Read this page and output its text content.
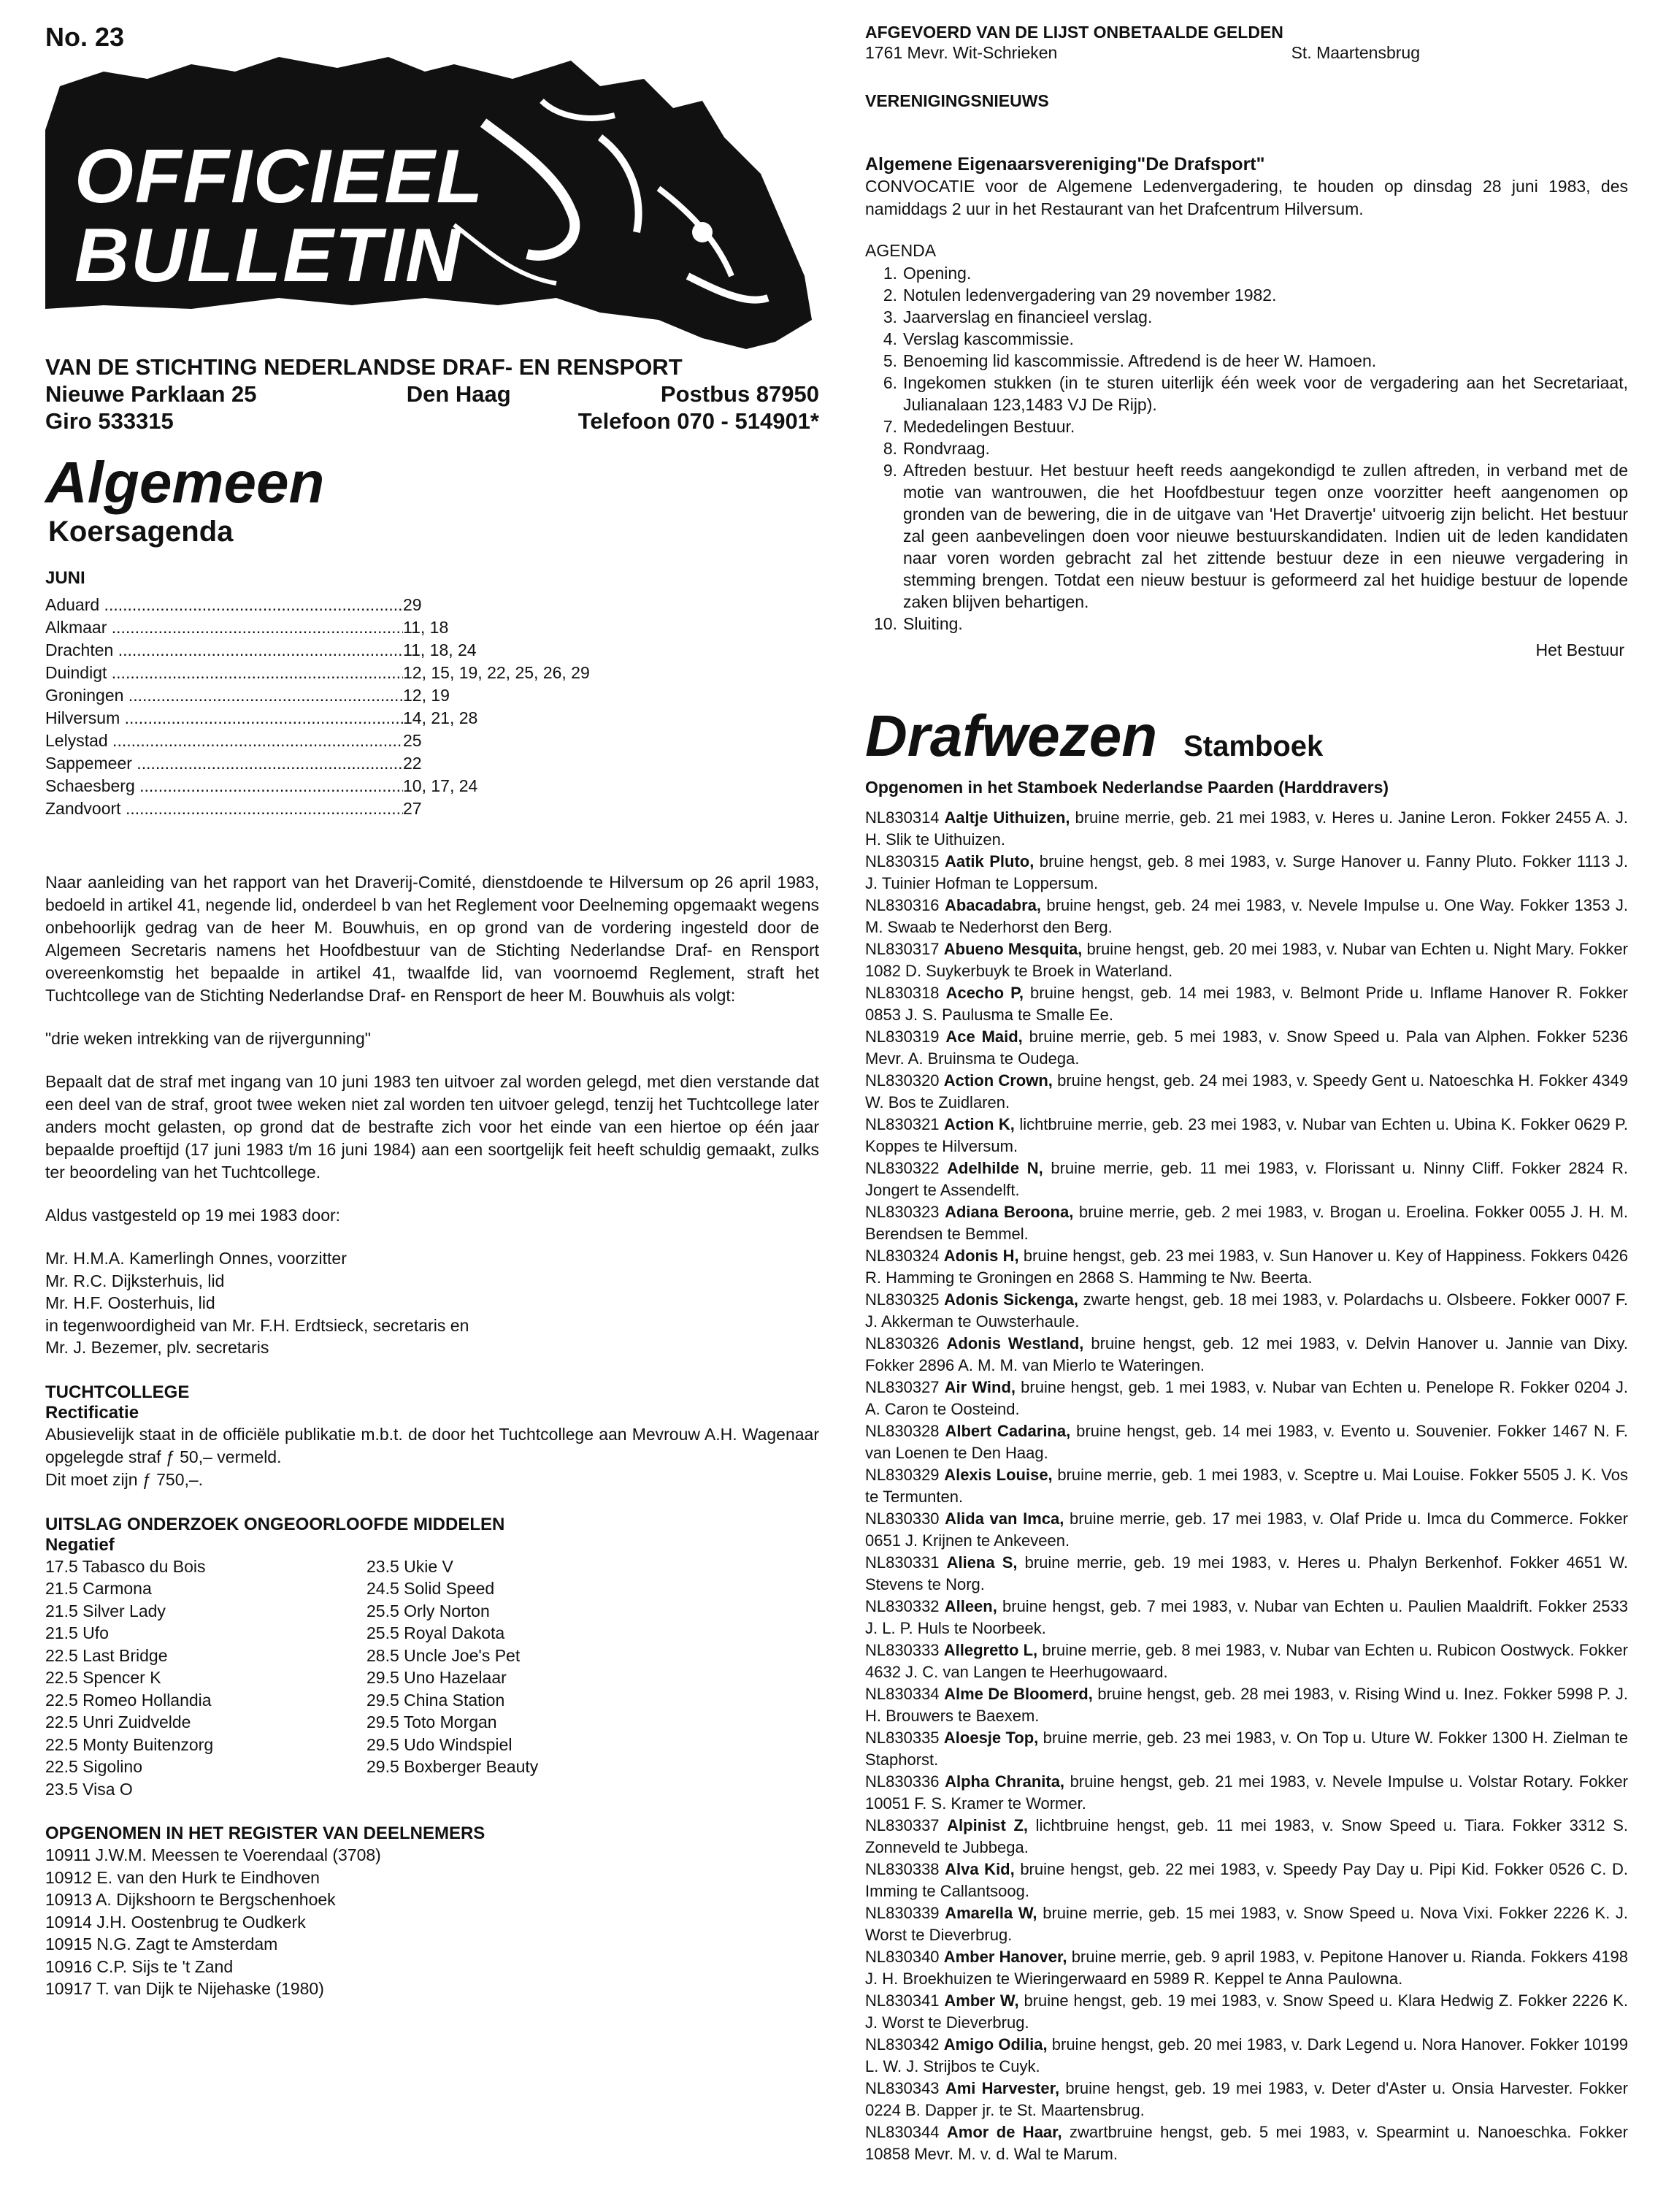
No. 23
OFFICIEEL
BULLETIN
VAN DE STICHTING NEDERLANDSE DRAF- EN RENSPORT
Nieuwe Parklaan 25	Den Haag	Postbus 87950
Giro 533315	Telefoon 070 - 514901*
Algemeen
Koersagenda
JUNI
Aduard .....	29
Alkmaar .....	11, 18
Drachten .....	11, 18, 24
Duindigt .....	12, 15, 19, 22, 25, 26, 29
Groningen .....	12, 19
Hilversum .....	14, 21, 28
Lelystad .....	25
Sappemeer .....	22
Schaesberg .....	10, 17, 24
Zandvoort .....	27
Naar aanleiding van het rapport van het Draverij-Comité, dienstdoende te Hilversum op 26 april 1983, bedoeld in artikel 41, negende lid, onderdeel b van het Reglement voor Deelneming opgemaakt wegens onbehoorlijk gedrag van de heer M. Bouwhuis, en op grond van de vordering ingesteld door de Algemeen Secretaris namens het Hoofdbestuur van de Stichting Nederlandse Draf- en Rensport overeenkomstig het bepaalde in artikel 41, twaalfde lid, van voornoemd Reglement, straft het Tuchtcollege van de Stichting Nederlandse Draf- en Rensport de heer M. Bouwhuis als volgt:
"drie weken intrekking van de rijvergunning"
Bepaalt dat de straf met ingang van 10 juni 1983 ten uitvoer zal worden gelegd, met dien verstande dat een deel van de straf, groot twee weken niet zal worden ten uitvoer gelegd, tenzij het Tuchtcollege later anders mocht gelasten, op grond dat de bestrafte zich voor het einde van een hiertoe op één jaar bepaalde proeftijd (17 juni 1983 t/m 16 juni 1984) aan een soortgelijk feit heeft schuldig gemaakt, zulks ter beoordeling van het Tuchtcollege.
Aldus vastgesteld op 19 mei 1983 door:
Mr. H.M.A. Kamerlingh Onnes, voorzitter
Mr. R.C. Dijksterhuis, lid
Mr. H.F. Oosterhuis, lid
in tegenwoordigheid van Mr. F.H. Erdtsieck, secretaris en
Mr. J. Bezemer, plv. secretaris
TUCHTCOLLEGE
Rectificatie
Abusievelijk staat in de officiële publikatie m.b.t. de door het Tuchtcollege aan Mevrouw A.H. Wagenaar opgelegde straf ƒ 50,– vermeld.
Dit moet zijn ƒ 750,–.
UITSLAG ONDERZOEK ONGEOORLOOFDE MIDDELEN
Negatief
17.5 Tabasco du Bois
21.5 Carmona
21.5 Silver Lady
21.5 Ufo
22.5 Last Bridge
22.5 Spencer K
22.5 Romeo Hollandia
22.5 Unri Zuidvelde
22.5 Monty Buitenzorg
22.5 Sigolino
23.5 Visa O
23.5 Ukie V
24.5 Solid Speed
25.5 Orly Norton
25.5 Royal Dakota
28.5 Uncle Joe's Pet
29.5 Uno Hazelaar
29.5 China Station
29.5 Toto Morgan
29.5 Udo Windspiel
29.5 Boxberger Beauty
OPGENOMEN IN HET REGISTER VAN DEELNEMERS
10911 J.W.M. Meessen te Voerendaal (3708)
10912 E. van den Hurk te Eindhoven
10913 A. Dijkshoorn te Bergschenhoek
10914 J.H. Oostenbrug te Oudkerk
10915 N.G. Zagt te Amsterdam
10916 C.P. Sijs te 't Zand
10917 T. van Dijk te Nijehaske (1980)
AFGEVOERD VAN DE LIJST ONBETAALDE GELDEN
1761 Mevr. Wit-Schrieken	St. Maartensbrug
VERENIGINGSNIEUWS
Algemene Eigenaarsvereniging"De Drafsport"
CONVOCATIE voor de Algemene Ledenvergadering, te houden op dinsdag 28 juni 1983, des namiddags 2 uur in het Restaurant van het Drafcentrum Hilversum.
AGENDA
1. Opening.
2. Notulen ledenvergadering van 29 november 1982.
3. Jaarverslag en financieel verslag.
4. Verslag kascommissie.
5. Benoeming lid kascommissie. Aftredend is de heer W. Hamoen.
6. Ingekomen stukken (in te sturen uiterlijk één week voor de vergadering aan het Secretariaat, Julianalaan 123,1483 VJ De Rijp).
7. Mededelingen Bestuur.
8. Rondvraag.
9. Aftreden bestuur. Het bestuur heeft reeds aangekondigd te zullen aftreden, in verband met de motie van wantrouwen, die het Hoofdbestuur tegen onze voorzitter heeft aangenomen op gronden van de bewering, die in de uitgave van 'Het Dravertje' uitvoerig zijn belicht. Het bestuur zal geen aanbevelingen doen voor nieuwe bestuurskandidaten. Indien uit de leden kandidaten naar voren worden gebracht zal het zittende bestuur deze in een nieuwe vergadering in stemming brengen. Totdat een nieuw bestuur is geformeerd zal het huidige bestuur de lopende zaken blijven behartigen.
10. Sluiting.
Het Bestuur
Drafwezen Stamboek
Opgenomen in het Stamboek Nederlandse Paarden (Harddravers)
NL830314 Aaltje Uithuizen, bruine merrie, geb. 21 mei 1983, v. Heres u. Janine Leron. Fokker 2455 A. J. H. Slik te Uithuizen.
NL830315 Aatik Pluto, bruine hengst, geb. 8 mei 1983, v. Surge Hanover u. Fanny Pluto. Fokker 1113 J. J. Tuinier Hofman te Loppersum.
NL830316 Abacadabra, bruine hengst, geb. 24 mei 1983, v. Nevele Impulse u. One Way. Fokker 1353 J. M. Swaab te Nederhorst den Berg.
NL830317 Abueno Mesquita, bruine hengst, geb. 20 mei 1983, v. Nubar van Echten u. Night Mary. Fokker 1082 D. Suykerbuyk te Broek in Waterland.
NL830318 Acecho P, bruine hengst, geb. 14 mei 1983, v. Belmont Pride u. Inflame Hanover R. Fokker 0853 J. S. Paulusma te Smalle Ee.
NL830319 Ace Maid, bruine merrie, geb. 5 mei 1983, v. Snow Speed u. Pala van Alphen. Fokker 5236 Mevr. A. Bruinsma te Oudega.
NL830320 Action Crown, bruine hengst, geb. 24 mei 1983, v. Speedy Gent u. Natoeschka H. Fokker 4349 W. Bos te Zuidlaren.
NL830321 Action K, lichtbruine merrie, geb. 23 mei 1983, v. Nubar van Echten u. Ubina K. Fokker 0629 P. Koppes te Hilversum.
NL830322 Adelhilde N, bruine merrie, geb. 11 mei 1983, v. Florissant u. Ninny Cliff. Fokker 2824 R. Jongert te Assendelft.
NL830323 Adiana Beroona, bruine merrie, geb. 2 mei 1983, v. Brogan u. Eroelina. Fokker 0055 J. H. M. Berendsen te Bemmel.
NL830324 Adonis H, bruine hengst, geb. 23 mei 1983, v. Sun Hanover u. Key of Happiness. Fokkers 0426 R. Hamming te Groningen en 2868 S. Hamming te Nw. Beerta.
NL830325 Adonis Sickenga, zwarte hengst, geb. 18 mei 1983, v. Polardachs u. Olsbeere. Fokker 0007 F. J. Akkerman te Ouwsterhaule.
NL830326 Adonis Westland, bruine hengst, geb. 12 mei 1983, v. Delvin Hanover u. Jannie van Dixy. Fokker 2896 A. M. M. van Mierlo te Wateringen.
NL830327 Air Wind, bruine hengst, geb. 1 mei 1983, v. Nubar van Echten u. Penelope R. Fokker 0204 J. A. Caron te Oosteind.
NL830328 Albert Cadarina, bruine hengst, geb. 14 mei 1983, v. Evento u. Souvenier. Fokker 1467 N. F. van Loenen te Den Haag.
NL830329 Alexis Louise, bruine merrie, geb. 1 mei 1983, v. Sceptre u. Mai Louise. Fokker 5505 J. K. Vos te Termunten.
NL830330 Alida van Imca, bruine merrie, geb. 17 mei 1983, v. Olaf Pride u. Imca du Commerce. Fokker 0651 J. Krijnen te Ankeveen.
NL830331 Aliena S, bruine merrie, geb. 19 mei 1983, v. Heres u. Phalyn Berkenhof. Fokker 4651 W. Stevens te Norg.
NL830332 Alleen, bruine hengst, geb. 7 mei 1983, v. Nubar van Echten u. Paulien Maaldrift. Fokker 2533 J. L. P. Huls te Noorbeek.
NL830333 Allegretto L, bruine merrie, geb. 8 mei 1983, v. Nubar van Echten u. Rubicon Oostwyck. Fokker 4632 J. C. van Langen te Heerhugowaard.
NL830334 Alme De Bloomerd, bruine hengst, geb. 28 mei 1983, v. Rising Wind u. Inez. Fokker 5998 P. J. H. Brouwers te Baexem.
NL830335 Aloesje Top, bruine merrie, geb. 23 mei 1983, v. On Top u. Uture W. Fokker 1300 H. Zielman te Staphorst.
NL830336 Alpha Chranita, bruine hengst, geb. 21 mei 1983, v. Nevele Impulse u. Volstar Rotary. Fokker 10051 F. S. Kramer te Wormer.
NL830337 Alpinist Z, lichtbruine hengst, geb. 11 mei 1983, v. Snow Speed u. Tiara. Fokker 3312 S. Zonneveld te Jubbega.
NL830338 Alva Kid, bruine hengst, geb. 22 mei 1983, v. Speedy Pay Day u. Pipi Kid. Fokker 0526 C. D. Imming te Callantsoog.
NL830339 Amarella W, bruine merrie, geb. 15 mei 1983, v. Snow Speed u. Nova Vixi. Fokker 2226 K. J. Worst te Dieverbrug.
NL830340 Amber Hanover, bruine merrie, geb. 9 april 1983, v. Pepitone Hanover u. Rianda. Fokkers 4198 J. H. Broekhuizen te Wieringerwaard en 5989 R. Keppel te Anna Paulowna.
NL830341 Amber W, bruine hengst, geb. 19 mei 1983, v. Snow Speed u. Klara Hedwig Z. Fokker 2226 K. J. Worst te Dieverbrug.
NL830342 Amigo Odilia, bruine hengst, geb. 20 mei 1983, v. Dark Legend u. Nora Hanover. Fokker 10199 L. W. J. Strijbos te Cuyk.
NL830343 Ami Harvester, bruine hengst, geb. 19 mei 1983, v. Deter d'Aster u. Onsia Harvester. Fokker 0224 B. Dapper jr. te St. Maartensbrug.
NL830344 Amor de Haar, zwartbruine hengst, geb. 5 mei 1983, v. Spearmint u. Nanoeschka. Fokker 10858 Mevr. M. v. d. Wal te Marum.
